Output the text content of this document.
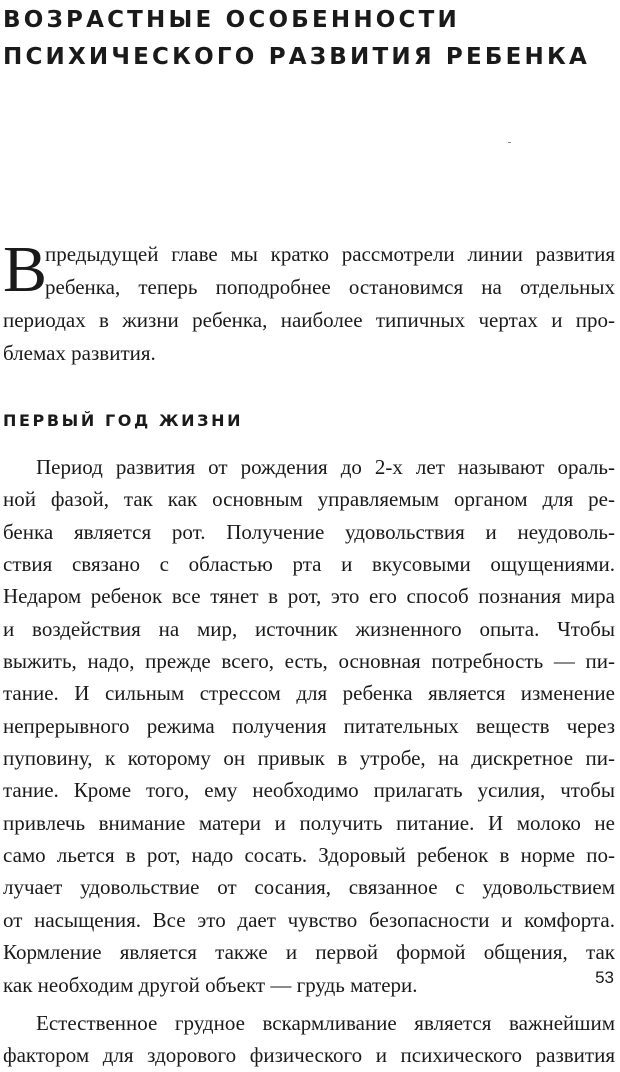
ВОЗРАСТНЫЕ ОСОБЕННОСТИ
ПСИХИЧЕСКОГО РАЗВИТИЯ РЕБЕНКА
В
предыдущей главе мы кратко рассмотрели линии развития
ребенка, теперь поподробнее остановимся на отдельных
периодах в жизни ребенка, наиболее типичных чертах и про-
блемах развития.
ПЕРВЫЙ ГОД ЖИЗНИ
Период развития от рождения до 2-х лет называют ораль-
ной фазой, так как основным управляемым органом для ре-
бенка является рот. Получение удовольствия и неудоволь-
ствия связано с областью рта и вкусовыми ощущениями.
Недаром ребенок все тянет в рот, это его способ познания мира
и воздействия на мир, источник жизненного опыта. Чтобы
выжить, надо, прежде всего, есть, основная потребность — пи-
тание. И сильным стрессом для ребенка является изменение
непрерывного режима получения питательных веществ через
пуповину, к которому он привык в утробе, на дискретное пи-
тание. Кроме того, ему необходимо прилагать усилия, чтобы
привлечь внимание матери и получить питание. И молоко не
само льется в рот, надо сосать. Здоровый ребенок в норме по-
лучает удовольствие от сосания, связанное с удовольствием
от насыщения. Все это дает чувство безопасности и комфорта.
Кормление является также и первой формой общения, так
как необходим другой объект — грудь матери.
Естественное грудное вскармливание является важнейшим
фактором для здорового физического и психического развития
53
